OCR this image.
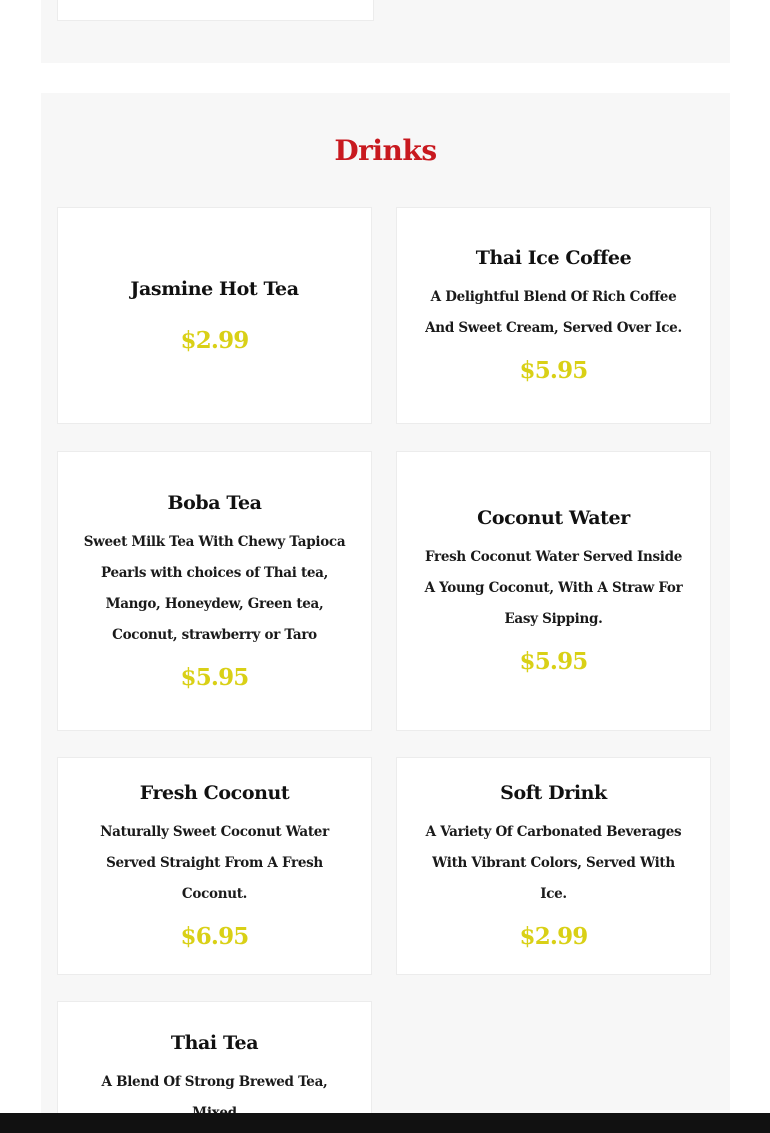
Drinks
Jasmine Hot Tea
$2.99
Thai Ice Coffee
A Delightful Blend Of Rich Coffee And Sweet Cream, Served Over Ice.
$5.95
Boba Tea
Sweet Milk Tea With Chewy Tapioca Pearls with choices of Thai tea, Mango, Honeydew, Green tea, Coconut, strawberry or Taro
$5.95
Coconut Water
Fresh Coconut Water Served Inside A Young Coconut, With A Straw For Easy Sipping.
$5.95
Fresh Coconut
Naturally Sweet Coconut Water Served Straight From A Fresh Coconut.
$6.95
Soft Drink
A Variety Of Carbonated Beverages With Vibrant Colors, Served With Ice.
$2.99
Thai Tea
A Blend Of Strong Brewed Tea,
